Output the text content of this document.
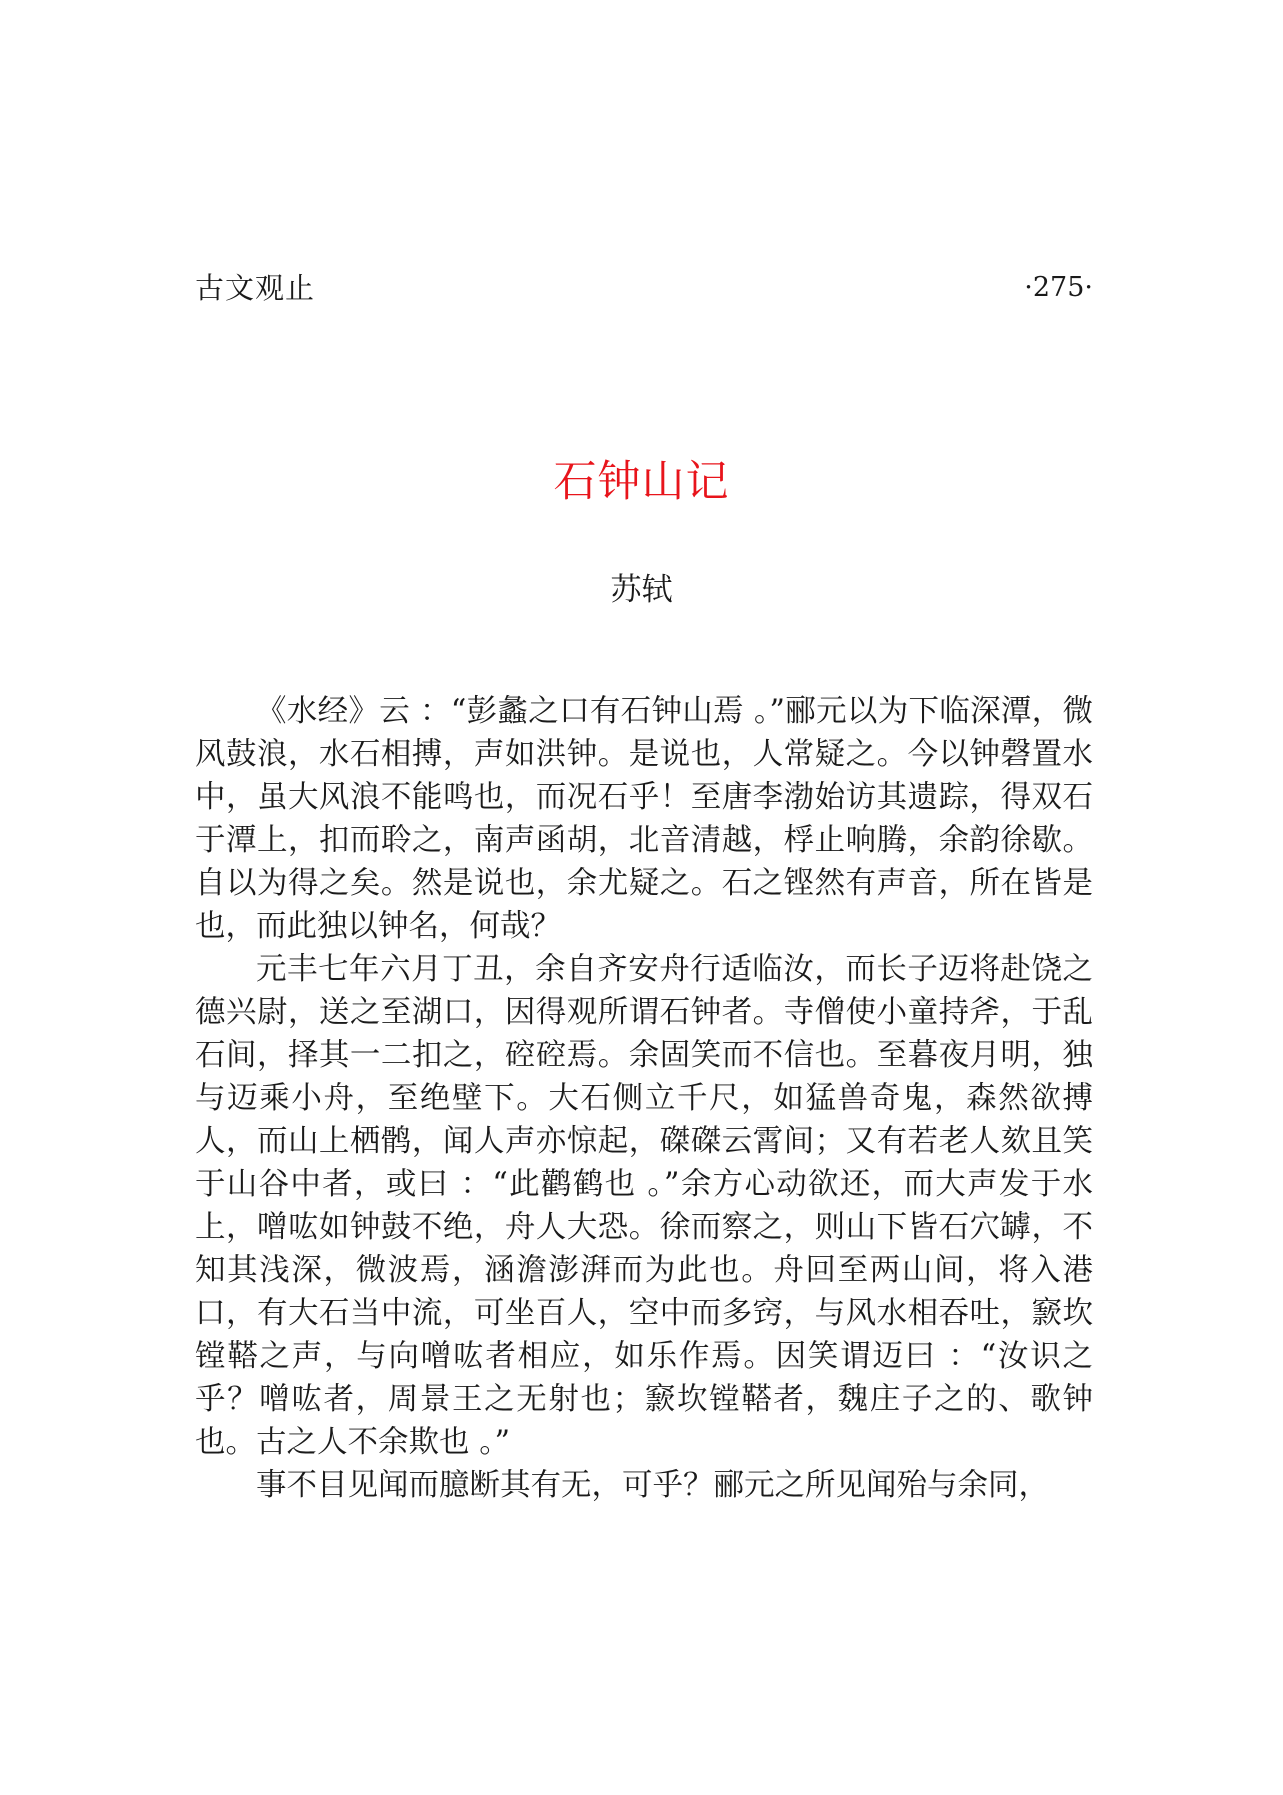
古文观止	·275·
石钟山记
苏轼

《水经》云 ：“彭蠡之口有石钟山焉 。”郦元以为下临深潭，微风鼓浪，水石相搏，声如洪钟。是说也，人常疑之。今以钟磬置水中，虽大风浪不能鸣也，而况石乎！至唐李渤始访其遗踪，得双石于潭上，扣而聆之，南声函胡，北音清越，桴止响腾，余韵徐歇。自以为得之矣。然是说也，余尤疑之。石之铿然有声音，所在皆是也，而此独以钟名，何哉？

元丰七年六月丁丑，余自齐安舟行适临汝，而长子迈将赴饶之德兴尉，送之至湖口，因得观所谓石钟者。寺僧使小童持斧，于乱石间，择其一二扣之，硿硿焉。余固笑而不信也。至暮夜月明，独与迈乘小舟，至绝壁下。大石侧立千尺，如猛兽奇鬼，森然欲搏人，而山上栖鹘，闻人声亦惊起，磔磔云霄间；又有若老人欬且笑于山谷中者，或曰 ：“此鹳鹤也 。”余方心动欲还，而大声发于水上，噌吰如钟鼓不绝，舟人大恐。徐而察之，则山下皆石穴罅，不知其浅深，微波焉，涵澹澎湃而为此也。舟回至两山间，将入港口，有大石当中流，可坐百人，空中而多窍，与风水相吞吐，窾坎镗鞳之声，与向噌吰者相应，如乐作焉。因笑谓迈曰 ：“汝识之乎？噌吰者，周景王之无射也；窾坎镗鞳者，魏庄子之的、歌钟也。古之人不余欺也 。”

事不目见闻而臆断其有无，可乎？郦元之所见闻殆与余同，
